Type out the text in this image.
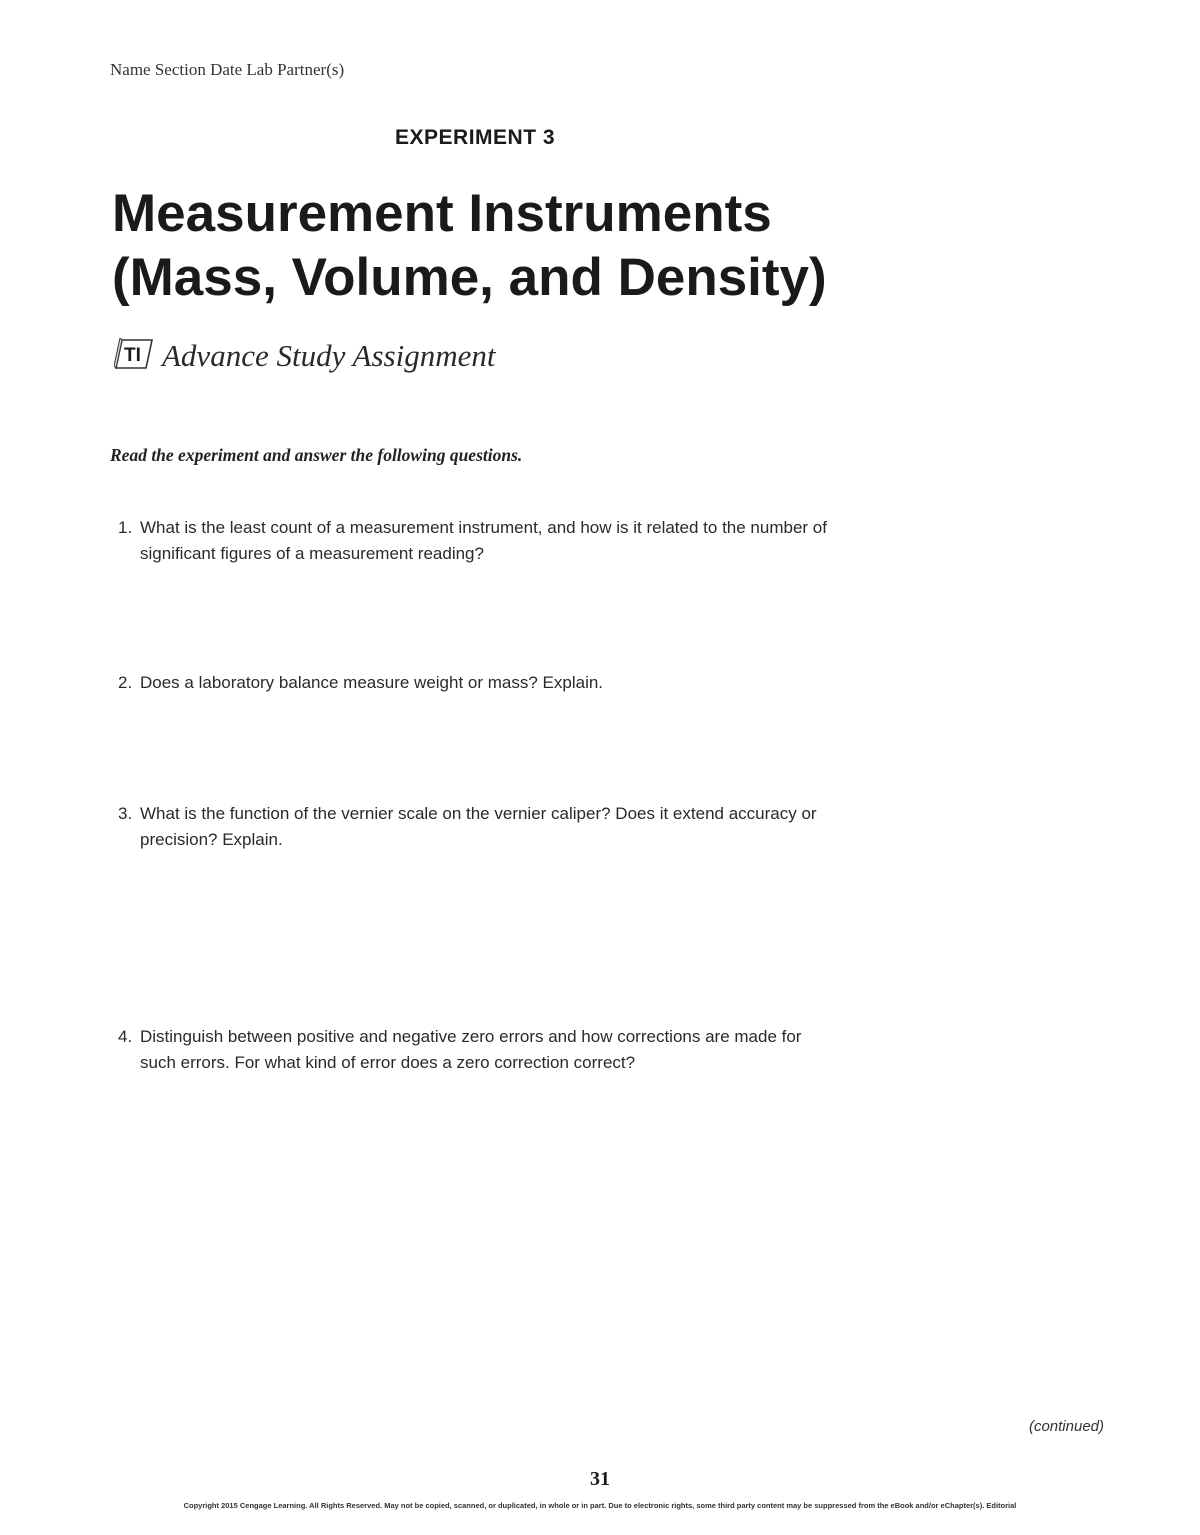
Name Section Date Lab Partner(s)
EXPERIMENT 3
Measurement Instruments
(Mass, Volume, and Density)
TI Advance Study Assignment
Read the experiment and answer the following questions.
1. What is the least count of a measurement instrument, and how is it related to the number of significant figures of a measurement reading?
2. Does a laboratory balance measure weight or mass? Explain.
3. What is the function of the vernier scale on the vernier caliper? Does it extend accuracy or precision? Explain.
4. Distinguish between positive and negative zero errors and how corrections are made for such errors. For what kind of error does a zero correction correct?
(continued)
31
Copyright 2015 Cengage Learning. All Rights Reserved. May not be copied, scanned, or duplicated, in whole or in part. Due to electronic rights, some third party content may be suppressed from the eBook and/or eChapter(s). Editorial
